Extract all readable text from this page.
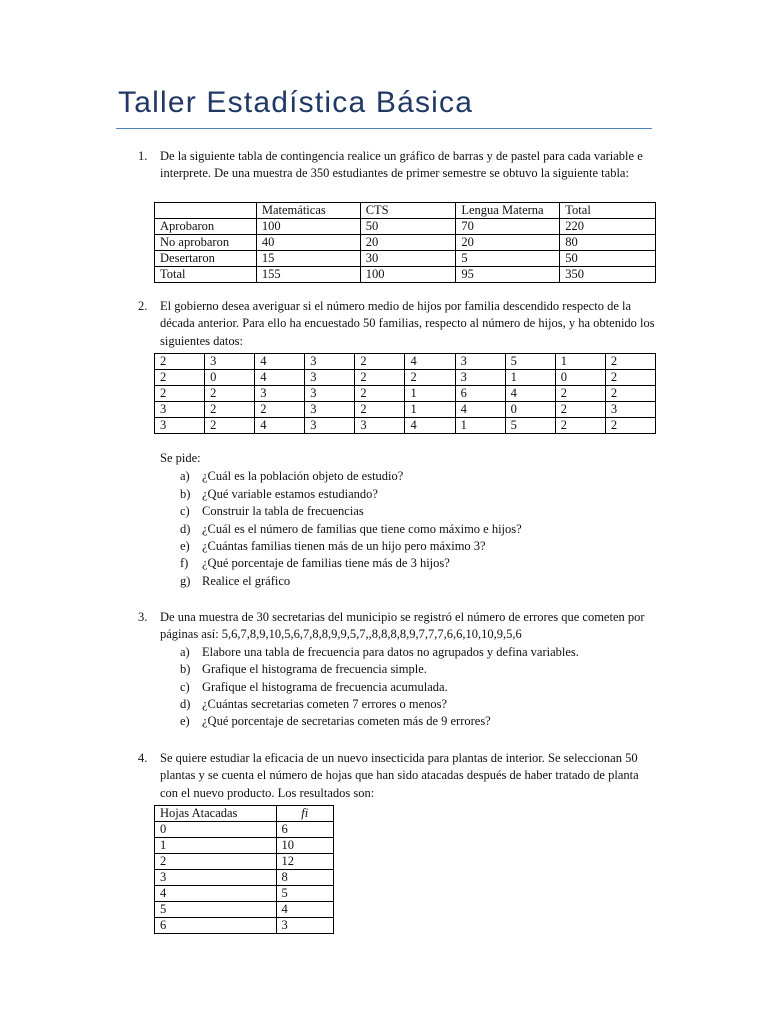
Taller Estadística Básica
1. De la siguiente tabla de contingencia realice un gráfico de barras y de pastel para cada variable e interprete. De una muestra de 350 estudiantes de primer semestre se obtuvo la siguiente tabla:
	Matemáticas	CTS	Lengua Materna	Total
Aprobaron	100	50	70	220
No aprobaron	40	20	20	80
Desertaron	15	30	5	50
Total	155	100	95	350
2. El gobierno desea averiguar si el número medio de hijos por familia descendido respecto de la década anterior. Para ello ha encuestado 50 familias, respecto al número de hijos, y ha obtenido los siguientes datos:
2	3	4	3	2	4	3	5	1	2
2	0	4	3	2	2	3	1	0	2
2	2	3	3	2	1	6	4	2	2
3	2	2	3	2	1	4	0	2	3
3	2	4	3	3	4	1	5	2	2
Se pide:
a) ¿Cuál es la población objeto de estudio?
b) ¿Qué variable estamos estudiando?
c) Construir la tabla de frecuencias
d) ¿Cuál es el número de familias que tiene como máximo e hijos?
e) ¿Cuántas familias tienen más de un hijo pero máximo 3?
f) ¿Qué porcentaje de familias tiene más de 3 hijos?
g) Realice el gráfico
3. De una muestra de 30 secretarias del municipio se registró el número de errores que cometen por páginas así: 5,6,7,8,9,10,5,6,7,8,8,9,9,5,7,,8,8,8,8,9,7,7,7,6,6,10,10,9,5,6
a) Elabore una tabla de frecuencia para datos no agrupados y defina variables.
b) Grafique el histograma de frecuencia simple.
c) Grafique el histograma de frecuencia acumulada.
d) ¿Cuántas secretarias cometen 7 errores o menos?
e) ¿Qué porcentaje de secretarias cometen más de 9 errores?
4. Se quiere estudiar la eficacia de un nuevo insecticida para plantas de interior. Se seleccionan 50 plantas y se cuenta el número de hojas que han sido atacadas después de haber tratado de planta con el nuevo producto. Los resultados son:
Hojas Atacadas	fi
0	6
1	10
2	12
3	8
4	5
5	4
6	3
